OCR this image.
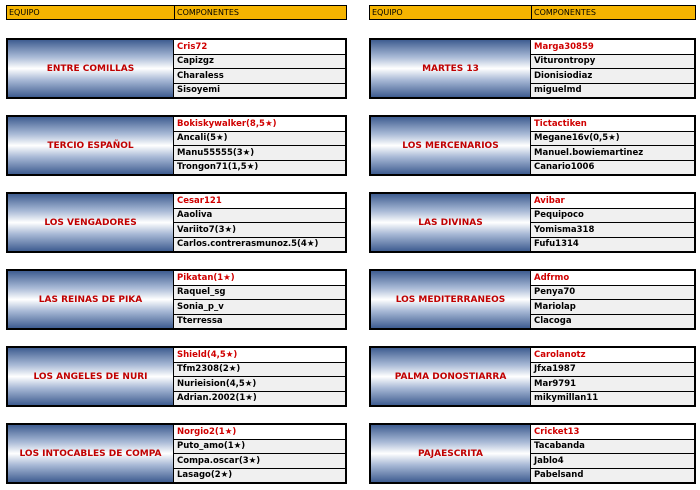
EQUIPO	COMPONENTES
ENTRE COMILLAS
Cris72
Capizgz
Charaless
Sisoyemi
TERCIO ESPAÑOL
Bokiskywalker(8,5★)
Ancali(5★)
Manu55555(3★)
Trongon71(1,5★)
LOS VENGADORES
Cesar121
Aaoliva
Variito7(3★)
Carlos.contrerasmunoz.5(4★)
LAS REINAS DE PIKA
Pikatan(1★)
Raquel_sg
Sonia_p_v
Tterressa
LOS ANGELES DE NURI
Shield(4,5★)
Tfm2308(2★)
Nurieision(4,5★)
Adrian.2002(1★)
LOS INTOCABLES DE COMPA
Norgio2(1★)
Puto_amo(1★)
Compa.oscar(3★)
Lasago(2★)
EQUIPO	COMPONENTES
MARTES 13
Marga30859
Viturontropy
Dionisiodiaz
miguelmd
LOS MERCENARIOS
Tictactiken
Megane16v(0,5★)
Manuel.bowiemartinez
Canario1006
LAS DIVINAS
Avibar
Pequipoco
Yomisma318
Fufu1314
LOS MEDITERRANEOS
Adfrmo
Penya70
Mariolap
Clacoga
PALMA DONOSTIARRA
Carolanotz
Jfxa1987
Mar9791
mikymillan11
PAJAESCRITA
Cricket13
Tacabanda
Jablo4
Pabelsand
